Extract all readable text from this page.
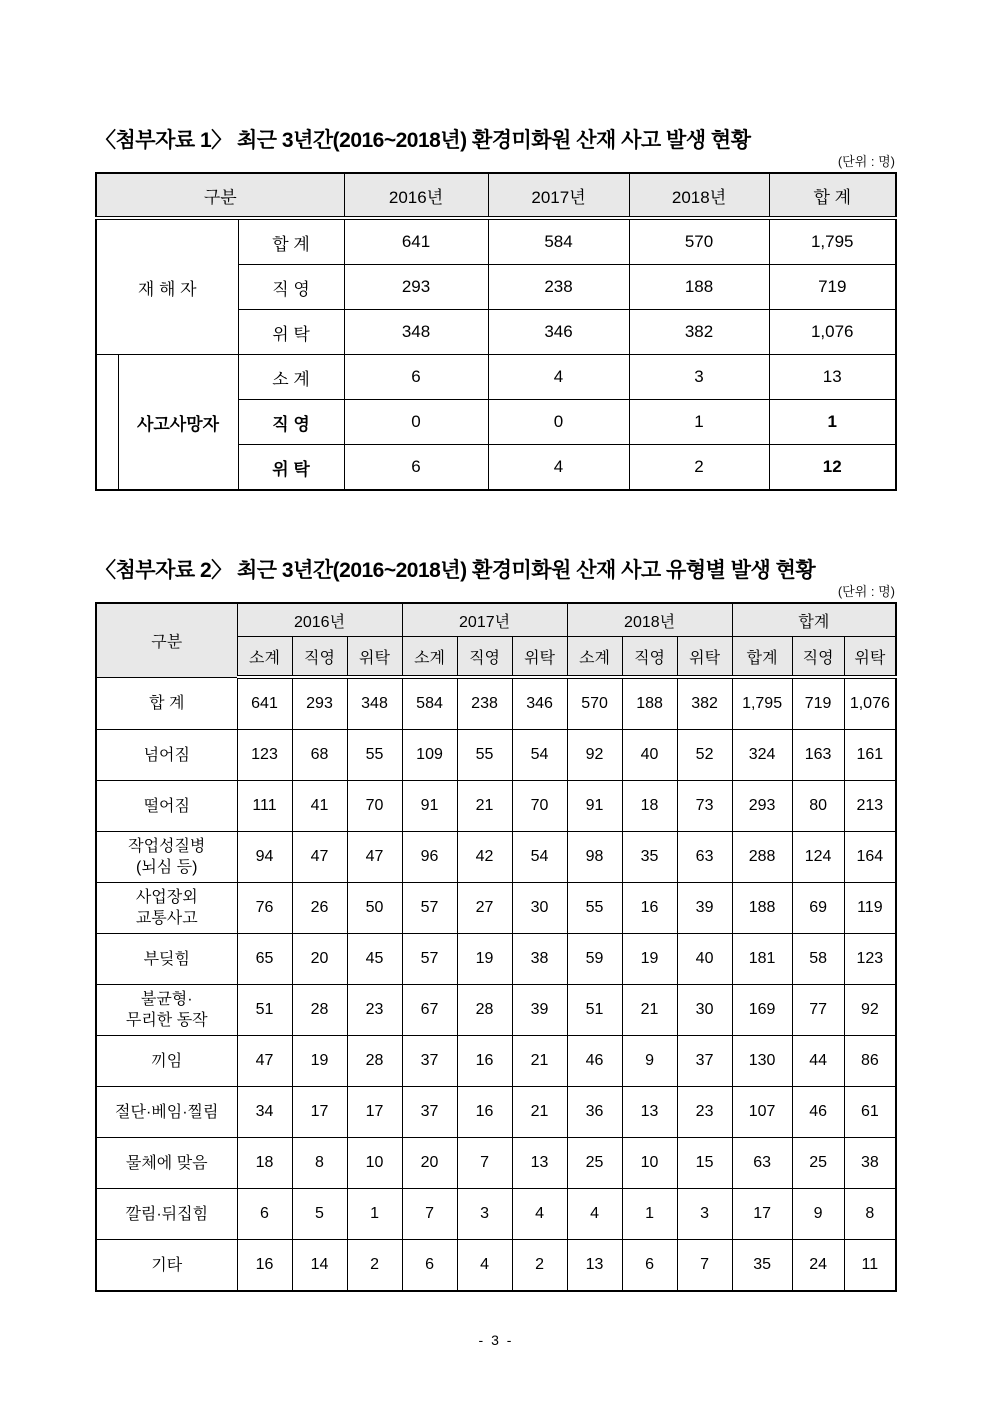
〈첨부자료 1〉 최근 3년간(2016~2018년) 환경미화원 산재 사고 발생 현황
(단위 : 명)
구분			2016년	2017년	2018년	합 계
재 해 자		합 계	641	584	570	1,795
		직 영	293	238	188	719
		위 탁	348	346	382	1,076
	사고사망자	소 계	6	4	3	13
		직 영	0	0	1	1
		위 탁	6	4	2	12
〈첨부자료 2〉 최근 3년간(2016~2018년) 환경미화원 산재 사고 유형별 발생 현황
(단위 : 명)
구분	2016년			2017년			2018년			합계		
	소계	직영	위탁	소계	직영	위탁	소계	직영	위탁	합계	직영	위탁

합 계	641	293	348	584	238	346	570	188	382	1,795	719	1,076

넘어짐	123	68	55	109	55	54	92	40	52	324	163	161

떨어짐	111	41	70	91	21	70	91	18	73	293	80	213

작업성질병
(뇌심 등)	94	47	47	96	42	54	98	35	63	288	124	164

사업장외
교통사고	76	26	50	57	27	30	55	16	39	188	69	119

부딪힘	65	20	45	57	19	38	59	19	40	181	58	123

불균형·
무리한 동작	51	28	23	67	28	39	51	21	30	169	77	92

끼임	47	19	28	37	16	21	46	9	37	130	44	86

절단·베임·찔림	34	17	17	37	16	21	36	13	23	107	46	61

물체에 맞음	18	8	10	20	7	13	25	10	15	63	25	38

깔림·뒤집힘	6	5	1	7	3	4	4	1	3	17	9	8

기타	16	14	2	6	4	2	13	6	7	35	24	11
- 3 -
